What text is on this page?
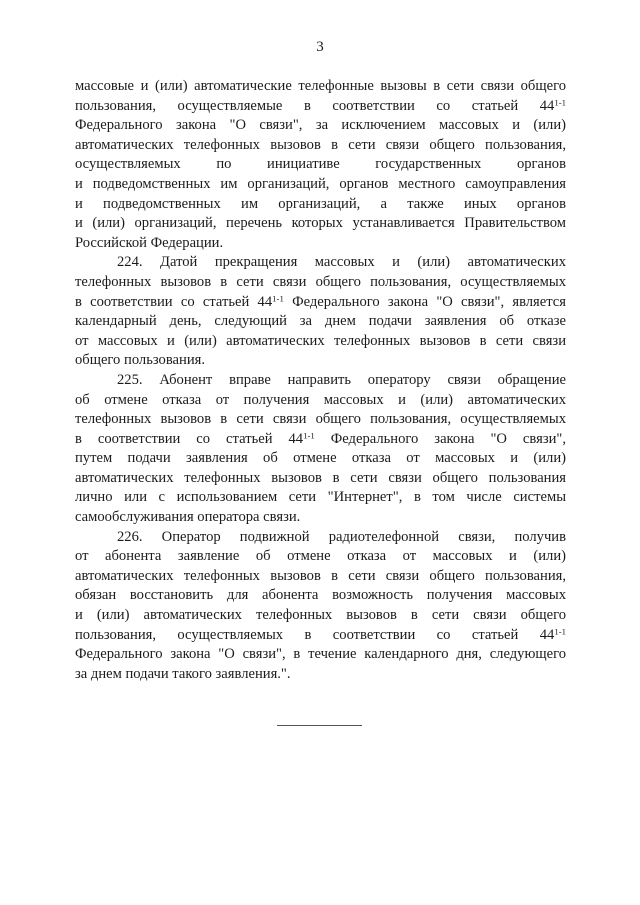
3
массовые и (или) автоматические телефонные вызовы в сети связи общего
пользования, осуществляемые в соответствии со статьей 44$^{1-1}$
Федерального закона "О связи", за исключением массовых и (или)
автоматических телефонных вызовов в сети связи общего пользования,
осуществляемых по инициативе государственных органов
и подведомственных им организаций, органов местного самоуправления
и подведомственных им организаций, а также иных органов
и (или) организаций, перечень которых устанавливается Правительством
Российской Федерации.
224. Датой прекращения массовых и (или) автоматических
телефонных вызовов в сети связи общего пользования, осуществляемых
в соответствии со статьей 44$^{1-1}$ Федерального закона "О связи", является
календарный день, следующий за днем подачи заявления об отказе
от массовых и (или) автоматических телефонных вызовов в сети связи
общего пользования.
225. Абонент вправе направить оператору связи обращение
об отмене отказа от получения массовых и (или) автоматических
телефонных вызовов в сети связи общего пользования, осуществляемых
в соответствии со статьей 44$^{1-1}$ Федерального закона "О связи",
путем подачи заявления об отмене отказа от массовых и (или)
автоматических телефонных вызовов в сети связи общего пользования
лично или с использованием сети "Интернет", в том числе системы
самообслуживания оператора связи.
226. Оператор подвижной радиотелефонной связи, получив
от абонента заявление об отмене отказа от массовых и (или)
автоматических телефонных вызовов в сети связи общего пользования,
обязан восстановить для абонента возможность получения массовых
и (или) автоматических телефонных вызовов в сети связи общего
пользования, осуществляемых в соответствии со статьей 44$^{1-1}$
Федерального закона "О связи", в течение календарного дня, следующего
за днем подачи такого заявления.".
